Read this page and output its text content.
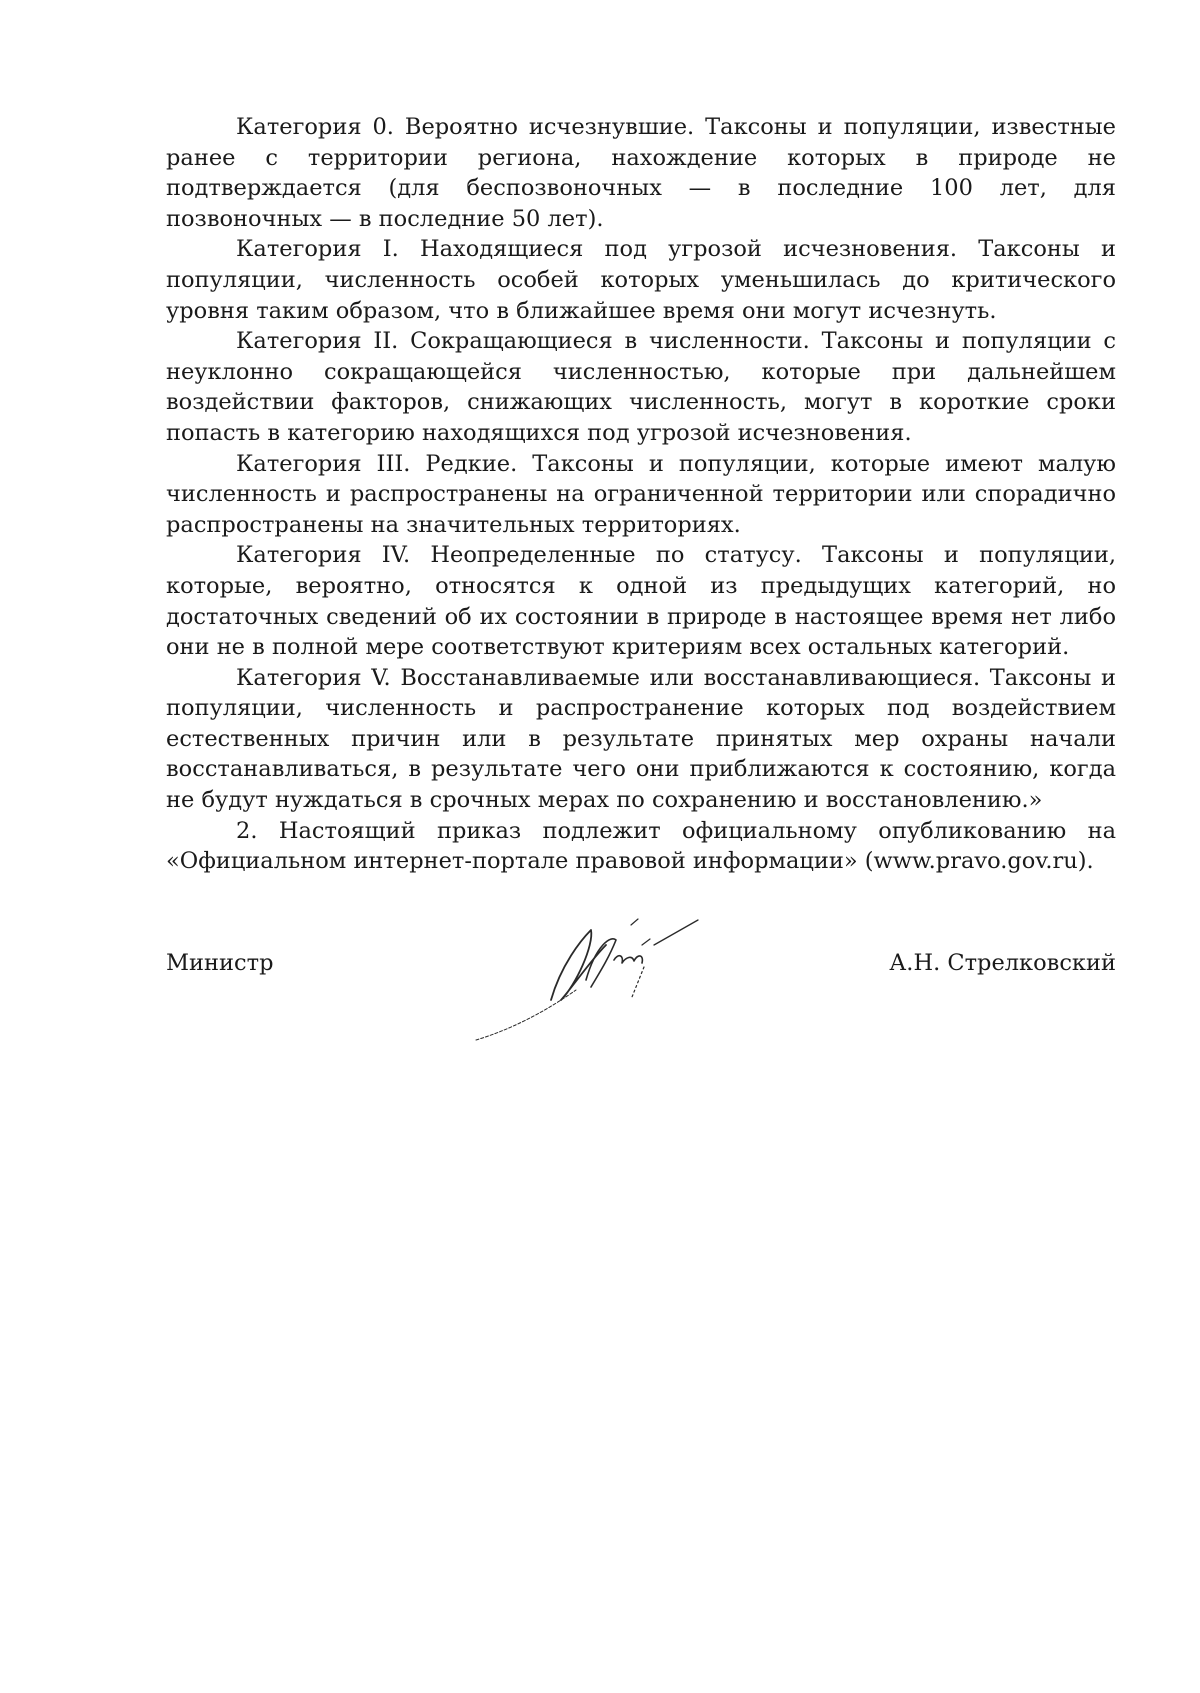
Категория 0. Вероятно исчезнувшие. Таксоны и популяции, известные ранее с территории региона, нахождение которых в природе не подтверждается (для беспозвоночных — в последние 100 лет, для позвоночных — в последние 50 лет).

Категория I. Находящиеся под угрозой исчезновения. Таксоны и популяции, численность особей которых уменьшилась до критического уровня таким образом, что в ближайшее время они могут исчезнуть.

Категория II. Сокращающиеся в численности. Таксоны и популяции с неуклонно сокращающейся численностью, которые при дальнейшем воздействии факторов, снижающих численность, могут в короткие сроки попасть в категорию находящихся под угрозой исчезновения.

Категория III. Редкие. Таксоны и популяции, которые имеют малую численность и распространены на ограниченной территории или спорадично распространены на значительных территориях.

Категория IV. Неопределенные по статусу. Таксоны и популяции, которые, вероятно, относятся к одной из предыдущих категорий, но достаточных сведений об их состоянии в природе в настоящее время нет либо они не в полной мере соответствуют критериям всех остальных категорий.

Категория V. Восстанавливаемые или восстанавливающиеся. Таксоны и популяции, численность и распространение которых под воздействием естественных причин или в результате принятых мер охраны начали восстанавливаться, в результате чего они приближаются к состоянию, когда не будут нуждаться в срочных мерах по сохранению и восстановлению.»

2. Настоящий приказ подлежит официальному опубликованию на «Официальном интернет-портале правовой информации» (www.pravo.gov.ru).

Министр	А.Н. Стрелковский
